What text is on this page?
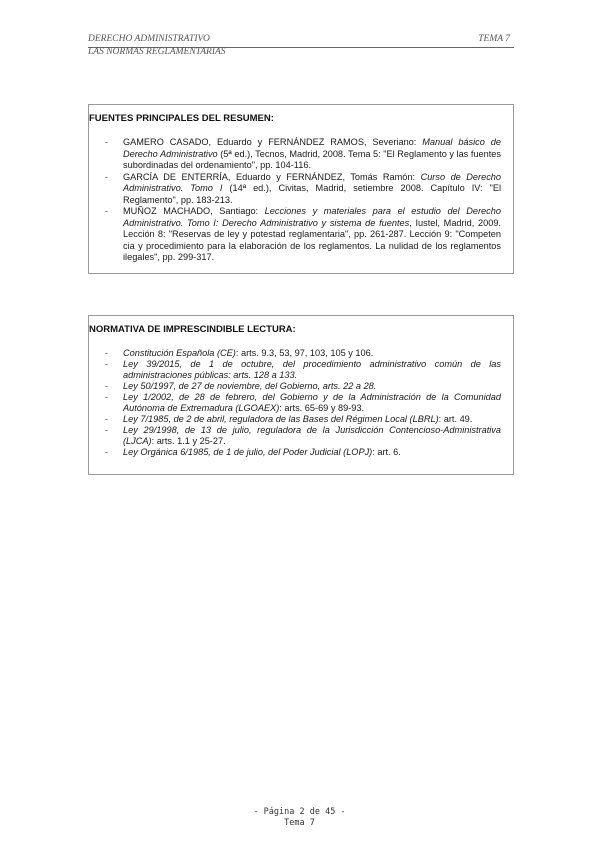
DERECHO ADMINISTRATIVO	TEMA 7
LAS NORMAS REGLAMENTARIAS
FUENTES PRINCIPALES DEL RESUMEN:
- GAMERO CASADO, Eduardo y FERNÁNDEZ RAMOS, Severiano: Manual básico de Derecho Administrativo (5ª ed.), Tecnos, Madrid, 2008. Tema 5: "El Reglamento y las fuentes subordinadas del ordenamiento", pp. 104-116.
- GARCÍA DE ENTERRÍA, Eduardo y FERNÁNDEZ, Tomás Ramón: Curso de Derecho Administrativo. Tomo I (14ª ed.), Civitas, Madrid, setiembre 2008. Capítulo IV: "El Reglamento", pp. 183-213.
- MUÑOZ MACHADO, Santiago: Lecciones y materiales para el estudio del Derecho Administrativo. Tomo I: Derecho Administrativo y sistema de fuentes, Iustel, Madrid, 2009. Lección 8: "Reservas de ley y potestad reglamentaria", pp. 261-287. Lección 9: "Competen cia y procedimiento para la elaboración de los reglamentos. La nulidad de los reglamentos ilegales", pp. 299-317.
NORMATIVA DE IMPRESCINDIBLE LECTURA:
- Constitución Española (CE): arts. 9.3, 53, 97, 103, 105 y 106.
- Ley 39/2015, de 1 de octubre, del procedimiento administrativo común de las administraciones públicas: arts. 128 a 133.
- Ley 50/1997, de 27 de noviembre, del Gobierno, arts. 22 a 28.
- Ley 1/2002, de 28 de febrero, del Gobierno y de la Administración de la Comunidad Autónoma de Extremadura (LGOAEX): arts. 65-69 y 89-93.
- Ley 7/1985, de 2 de abril, reguladora de las Bases del Régimen Local (LBRL): art. 49.
- Ley 29/1998, de 13 de julio, reguladora de la Jurisdicción Contencioso-Administrativa (LJCA): arts. 1.1 y 25-27.
- Ley Orgánica 6/1985, de 1 de julio, del Poder Judicial (LOPJ): art. 6.
- Página 2 de 45 -
Tema 7
